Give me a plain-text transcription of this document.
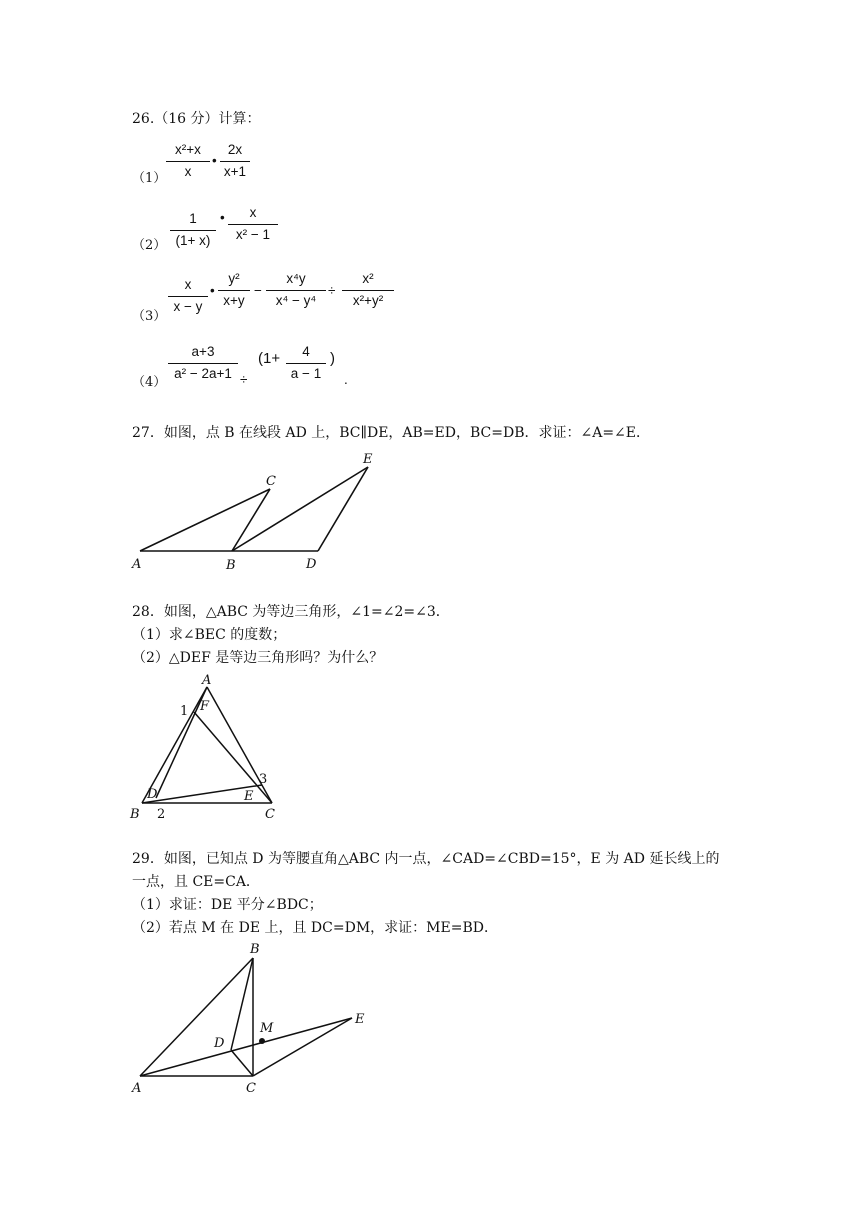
26.（16 分）计算：
（1）
x²+x
x
•
2x
x+1
（2）
1
(1+ x)
•	x
x² − 1
（3）
x
x − y
•
y²
x+y
−
x⁴y
x⁴ − y⁴
÷
x²
x²+y²
（4）
a+3
a² − 2a+1 ÷
(1+	4
a − 1
)
.
27．如图，点 B 在线段 AD 上，BC∥DE，AB=ED，BC=DB．求证：∠A=∠E．
A	B
C
D
E
28．如图，△ABC 为等边三角形，∠1=∠2=∠3．
（1）求∠BEC 的度数；
（2）△DEF 是等边三角形吗？为什么？
A
B	C
D	E
F
1
2
3
29．如图，已知点 D 为等腰直角△ABC 内一点，∠CAD=∠CBD=15°，E 为 AD 延长线上的
一点，且 CE=CA．
（1）求证：DE 平分∠BDC；
（2）若点 M 在 DE 上，且 DC=DM，求证：ME=BD．
A
B
C
D
E
M
